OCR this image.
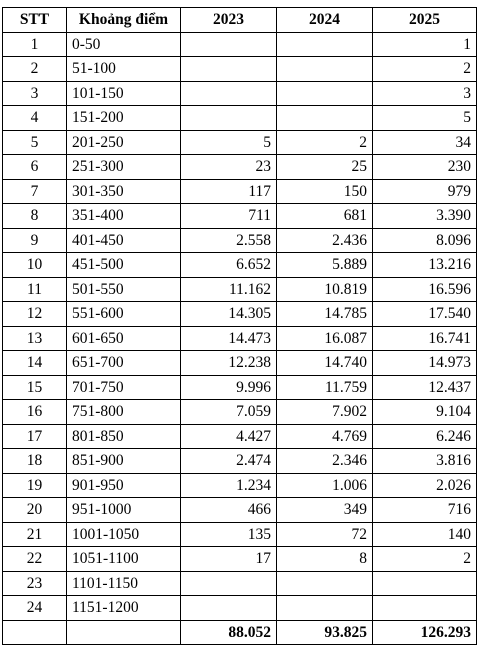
STT	Khoảng điểm	2023	2024	2025
1	0-50			1
2	51-100			2
3	101-150			3
4	151-200			5
5	201-250	5	2	34
6	251-300	23	25	230
7	301-350	117	150	979
8	351-400	711	681	3.390
9	401-450	2.558	2.436	8.096
10	451-500	6.652	5.889	13.216
11	501-550	11.162	10.819	16.596
12	551-600	14.305	14.785	17.540
13	601-650	14.473	16.087	16.741
14	651-700	12.238	14.740	14.973
15	701-750	9.996	11.759	12.437
16	751-800	7.059	7.902	9.104
17	801-850	4.427	4.769	6.246
18	851-900	2.474	2.346	3.816
19	901-950	1.234	1.006	2.026
20	951-1000	466	349	716
21	1001-1050	135	72	140
22	1051-1100	17	8	2
23	1101-1150			
24	1151-1200			
		88.052	93.825	126.293
